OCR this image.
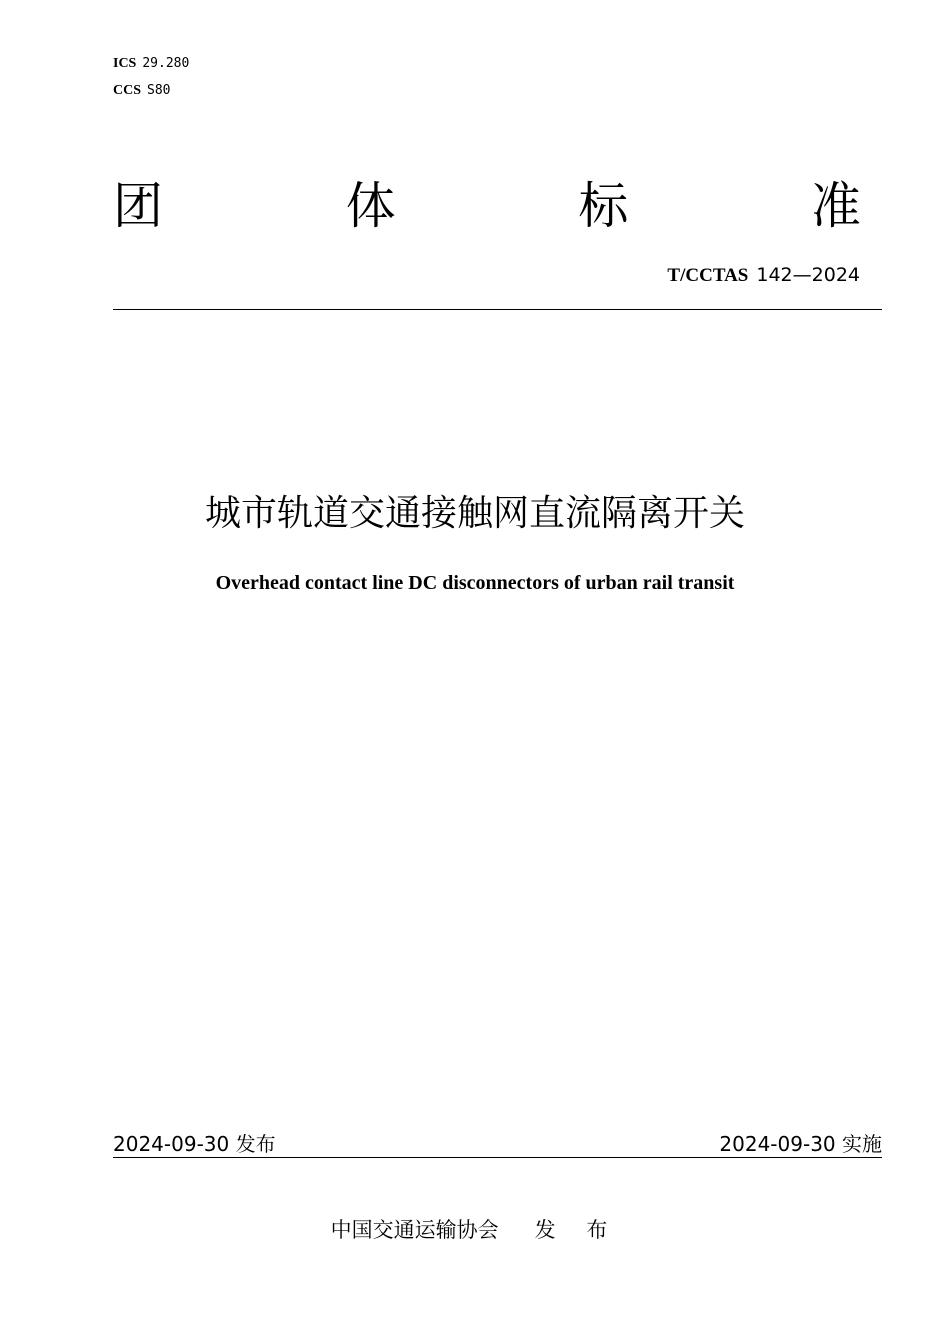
ICS 29.280
CCS S80
团	体	标	准
T/CCTAS 142—2024
城市轨道交通接触网直流隔离开关
Overhead contact line DC disconnectors of urban rail transit
2024-09-30 发布	2024-09-30 实施
中国交通运输协会 发 布
